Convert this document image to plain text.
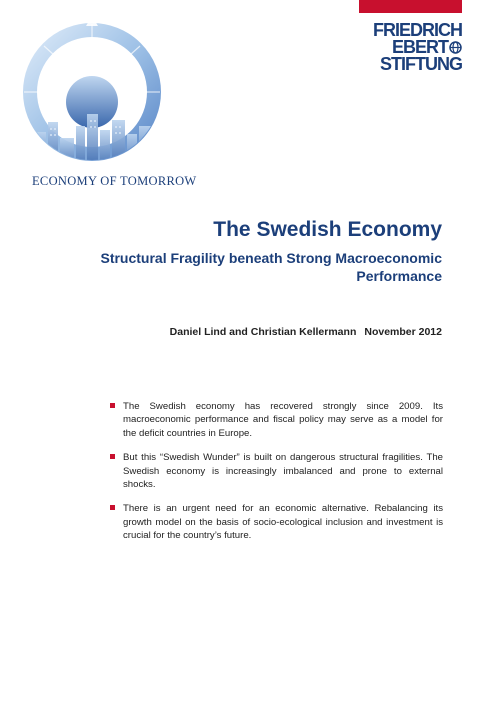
FRIEDRICH
EBERT
STIFTUNG
ECONOMY OF TOMORROW
The Swedish Economy
Structural Fragility beneath Strong Macroeconomic Performance
Daniel Lind and Christian Kellermann November 2012
The Swedish economy has recovered strongly since 2009. Its macroeconomic performance and fiscal policy may serve as a model for the deficit countries in Europe.
But this “Swedish Wunder” is built on dangerous structural fragilities. The Swedish economy is increasingly imbalanced and prone to external shocks.
There is an urgent need for an economic alternative. Rebalancing its growth model on the basis of socio-ecological inclusion and investment is crucial for the country’s future.
